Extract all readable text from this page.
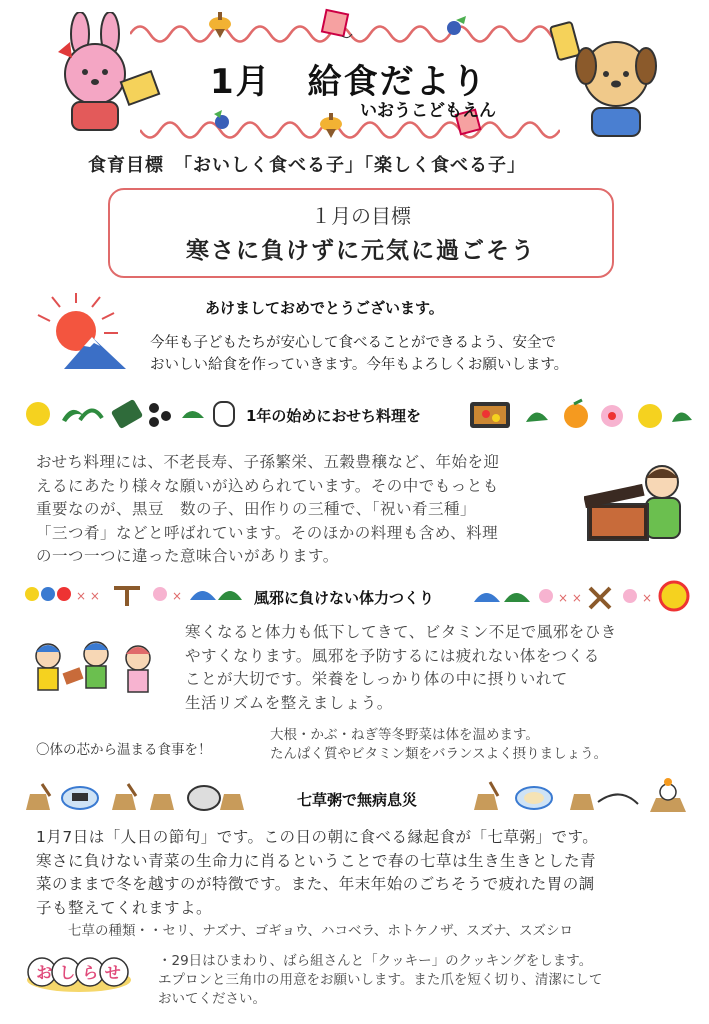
1月　給食だより
いおうこどもえん
食育目標　「おいしく食べる子」「楽しく食べる子」
１月の目標
寒さに負けずに元気に過ごそう
あけましておめでとうございます。
今年も子どもたちが安心して食べることができるよう、安全で
おいしい給食を作っていきます。今年もよろしくお願いします。
1年の始めにおせち料理を
おせち料理には、不老長寿、子孫繁栄、五穀豊穣など、年始を迎
えるにあたり様々な願いが込められています。その中でもっとも
重要なのが、黒豆　数の子、田作りの三種で、「祝い肴三種」
「三つ肴」などと呼ばれています。そのほかの料理も含め、料理
の一つ一つに違った意味合いがあります。
× ×	×	風邪に負けない体力つくり	× ×	×
寒くなると体力も低下してきて、ビタミン不足で風邪をひき
やすくなります。風邪を予防するには疲れない体をつくる
ことが大切です。栄養をしっかり体の中に摂りいれて
生活リズムを整えましょう。
〇体の芯から温まる食事を！
大根・かぶ・ねぎ等冬野菜は体を温めます。
たんぱく質やビタミン類をバランスよく摂りましょう。
七草粥で無病息災
1月7日は「人日の節句」です。この日の朝に食べる縁起食が「七草粥」です。
寒さに負けない青菜の生命力に肖るということで春の七草は生き生きとした青
菜のままで冬を越すのが特徴です。また、年末年始のごちそうで疲れた胃の調
子も整えてくれますよ。
七草の種類・・セリ、ナズナ、ゴギョウ、ハコベラ、ホトケノザ、スズナ、スズシロ
おしらせ
・29日はひまわり、ばら組さんと「クッキー」のクッキングをします。
エプロンと三角巾の用意をお願いします。また爪を短く切り、清潔にして
おいてください。
